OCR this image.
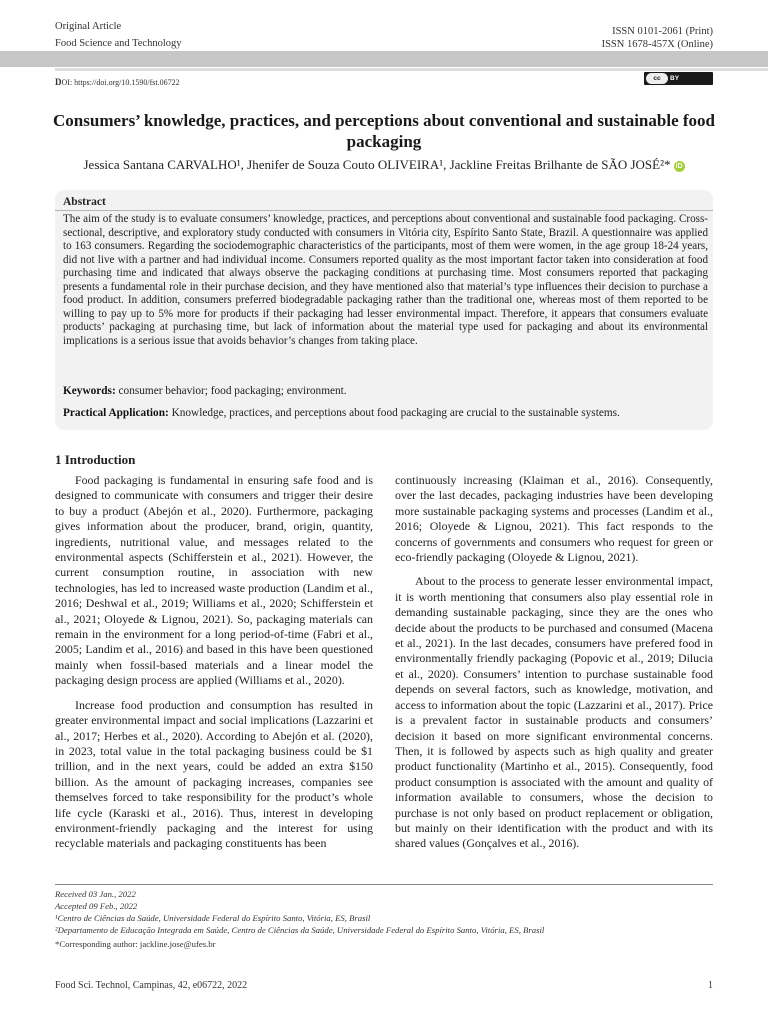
Original Article
Food Science and Technology
ISSN 0101-2061 (Print)
ISSN 1678-457X (Online)
DOI: https://doi.org/10.1590/fst.06722	cc	BY
Consumers’ knowledge, practices, and perceptions about conventional and sustainable food packaging
Jessica Santana CARVALHO¹, Jhenifer de Souza Couto OLIVEIRA¹, Jackline Freitas Brilhante de SÃO JOSÉ²* iD
Abstract
The aim of the study is to evaluate consumers’ knowledge, practices, and perceptions about conventional and sustainable food packaging. Cross-sectional, descriptive, and exploratory study conducted with consumers in Vitória city, Espírito Santo State, Brazil. A questionnaire was applied to 163 consumers. Regarding the sociodemographic characteristics of the participants, most of them were women, in the age group 18-24 years, did not live with a partner and had individual income. Consumers reported quality as the most important factor taken into consideration at food purchasing time and indicated that always observe the packaging conditions at purchasing time. Most consumers reported that packaging presents a fundamental role in their purchase decision, and they have mentioned also that material’s type influences their decision to purchase a food product. In addition, consumers preferred biodegradable packaging rather than the traditional one, whereas most of them reported to be willing to pay up to 5% more for products if their packaging had lesser environmental impact. Therefore, it appears that consumers evaluate products’ packaging at purchasing time, but lack of information about the material type used for packaging and about its environmental implications is a serious issue that avoids behavior’s changes from taking place.
Keywords: consumer behavior; food packaging; environment.
Practical Application: Knowledge, practices, and perceptions about food packaging are crucial to the sustainable systems.
1 Introduction

Food packaging is fundamental in ensuring safe food and is designed to communicate with consumers and trigger their desire to buy a product (Abejón et al., 2020). Furthermore, packaging gives information about the producer, brand, origin, quantity, ingredients, nutritional value, and messages related to the environmental aspects (Schifferstein et al., 2021). However, the current consumption routine, in association with new technologies, has led to increased waste production (Landim et al., 2016; Deshwal et al., 2019; Williams et al., 2020; Schifferstein et al., 2021; Oloyede & Lignou, 2021). So, packaging materials can remain in the environment for a long period-of-time (Fabri et al., 2005; Landim et al., 2016) and based in this have been questioned mainly when fossil-based materials and a linear model the packaging design process are applied (Williams et al., 2020).

Increase food production and consumption has resulted in greater environmental impact and social implications (Lazzarini et al., 2017; Herbes et al., 2020). According to Abejón et al. (2020), in 2023, total value in the total packaging business could be $1 trillion, and in the next years, could be added an extra $150 billion. As the amount of packaging increases, companies see themselves forced to take responsibility for the product’s whole life cycle (Karaski et al., 2016). Thus, interest in developing environment-friendly packaging and the interest for using recyclable materials and packaging constituents has been

continuously increasing (Klaiman et al., 2016). Consequently, over the last decades, packaging industries have been developing more sustainable packaging systems and processes (Landim et al., 2016; Oloyede & Lignou, 2021). This fact responds to the concerns of governments and consumers who request for green or eco-friendly packaging (Oloyede & Lignou, 2021).

About to the process to generate lesser environmental impact, it is worth mentioning that consumers also play essential role in demanding sustainable packaging, since they are the ones who decide about the products to be purchased and consumed (Macena et al., 2021). In the last decades, consumers have prefered food in environmentally friendly packaging (Popovic et al., 2019; Dilucia et al., 2020). Consumers’ intention to purchase sustainable food depends on several factors, such as knowledge, motivation, and access to information about the topic (Lazzarini et al., 2017). Price is a prevalent factor in sustainable products and consumers’ decision it based on more significant environmental concerns. Then, it is followed by aspects such as high quality and greater product functionality (Martinho et al., 2015). Consequently, food product consumption is associated with the amount and quality of information available to consumers, whose the decision to purchase is not only based on product replacement or obligation, but mainly on their identification with the product and with its shared values (Gonçalves et al., 2016).

Received 03 Jan., 2022
Accepted 09 Feb., 2022
¹Centro de Ciências da Saúde, Universidade Federal do Espírito Santo, Vitória, ES, Brasil
²Departamento de Educação Integrada em Saúde, Centro de Ciências da Saúde, Universidade Federal do Espírito Santo, Vitória, ES, Brasil
*Corresponding author: jackline.jose@ufes.br
Food Sci. Technol, Campinas, 42, e06722, 2022	1
